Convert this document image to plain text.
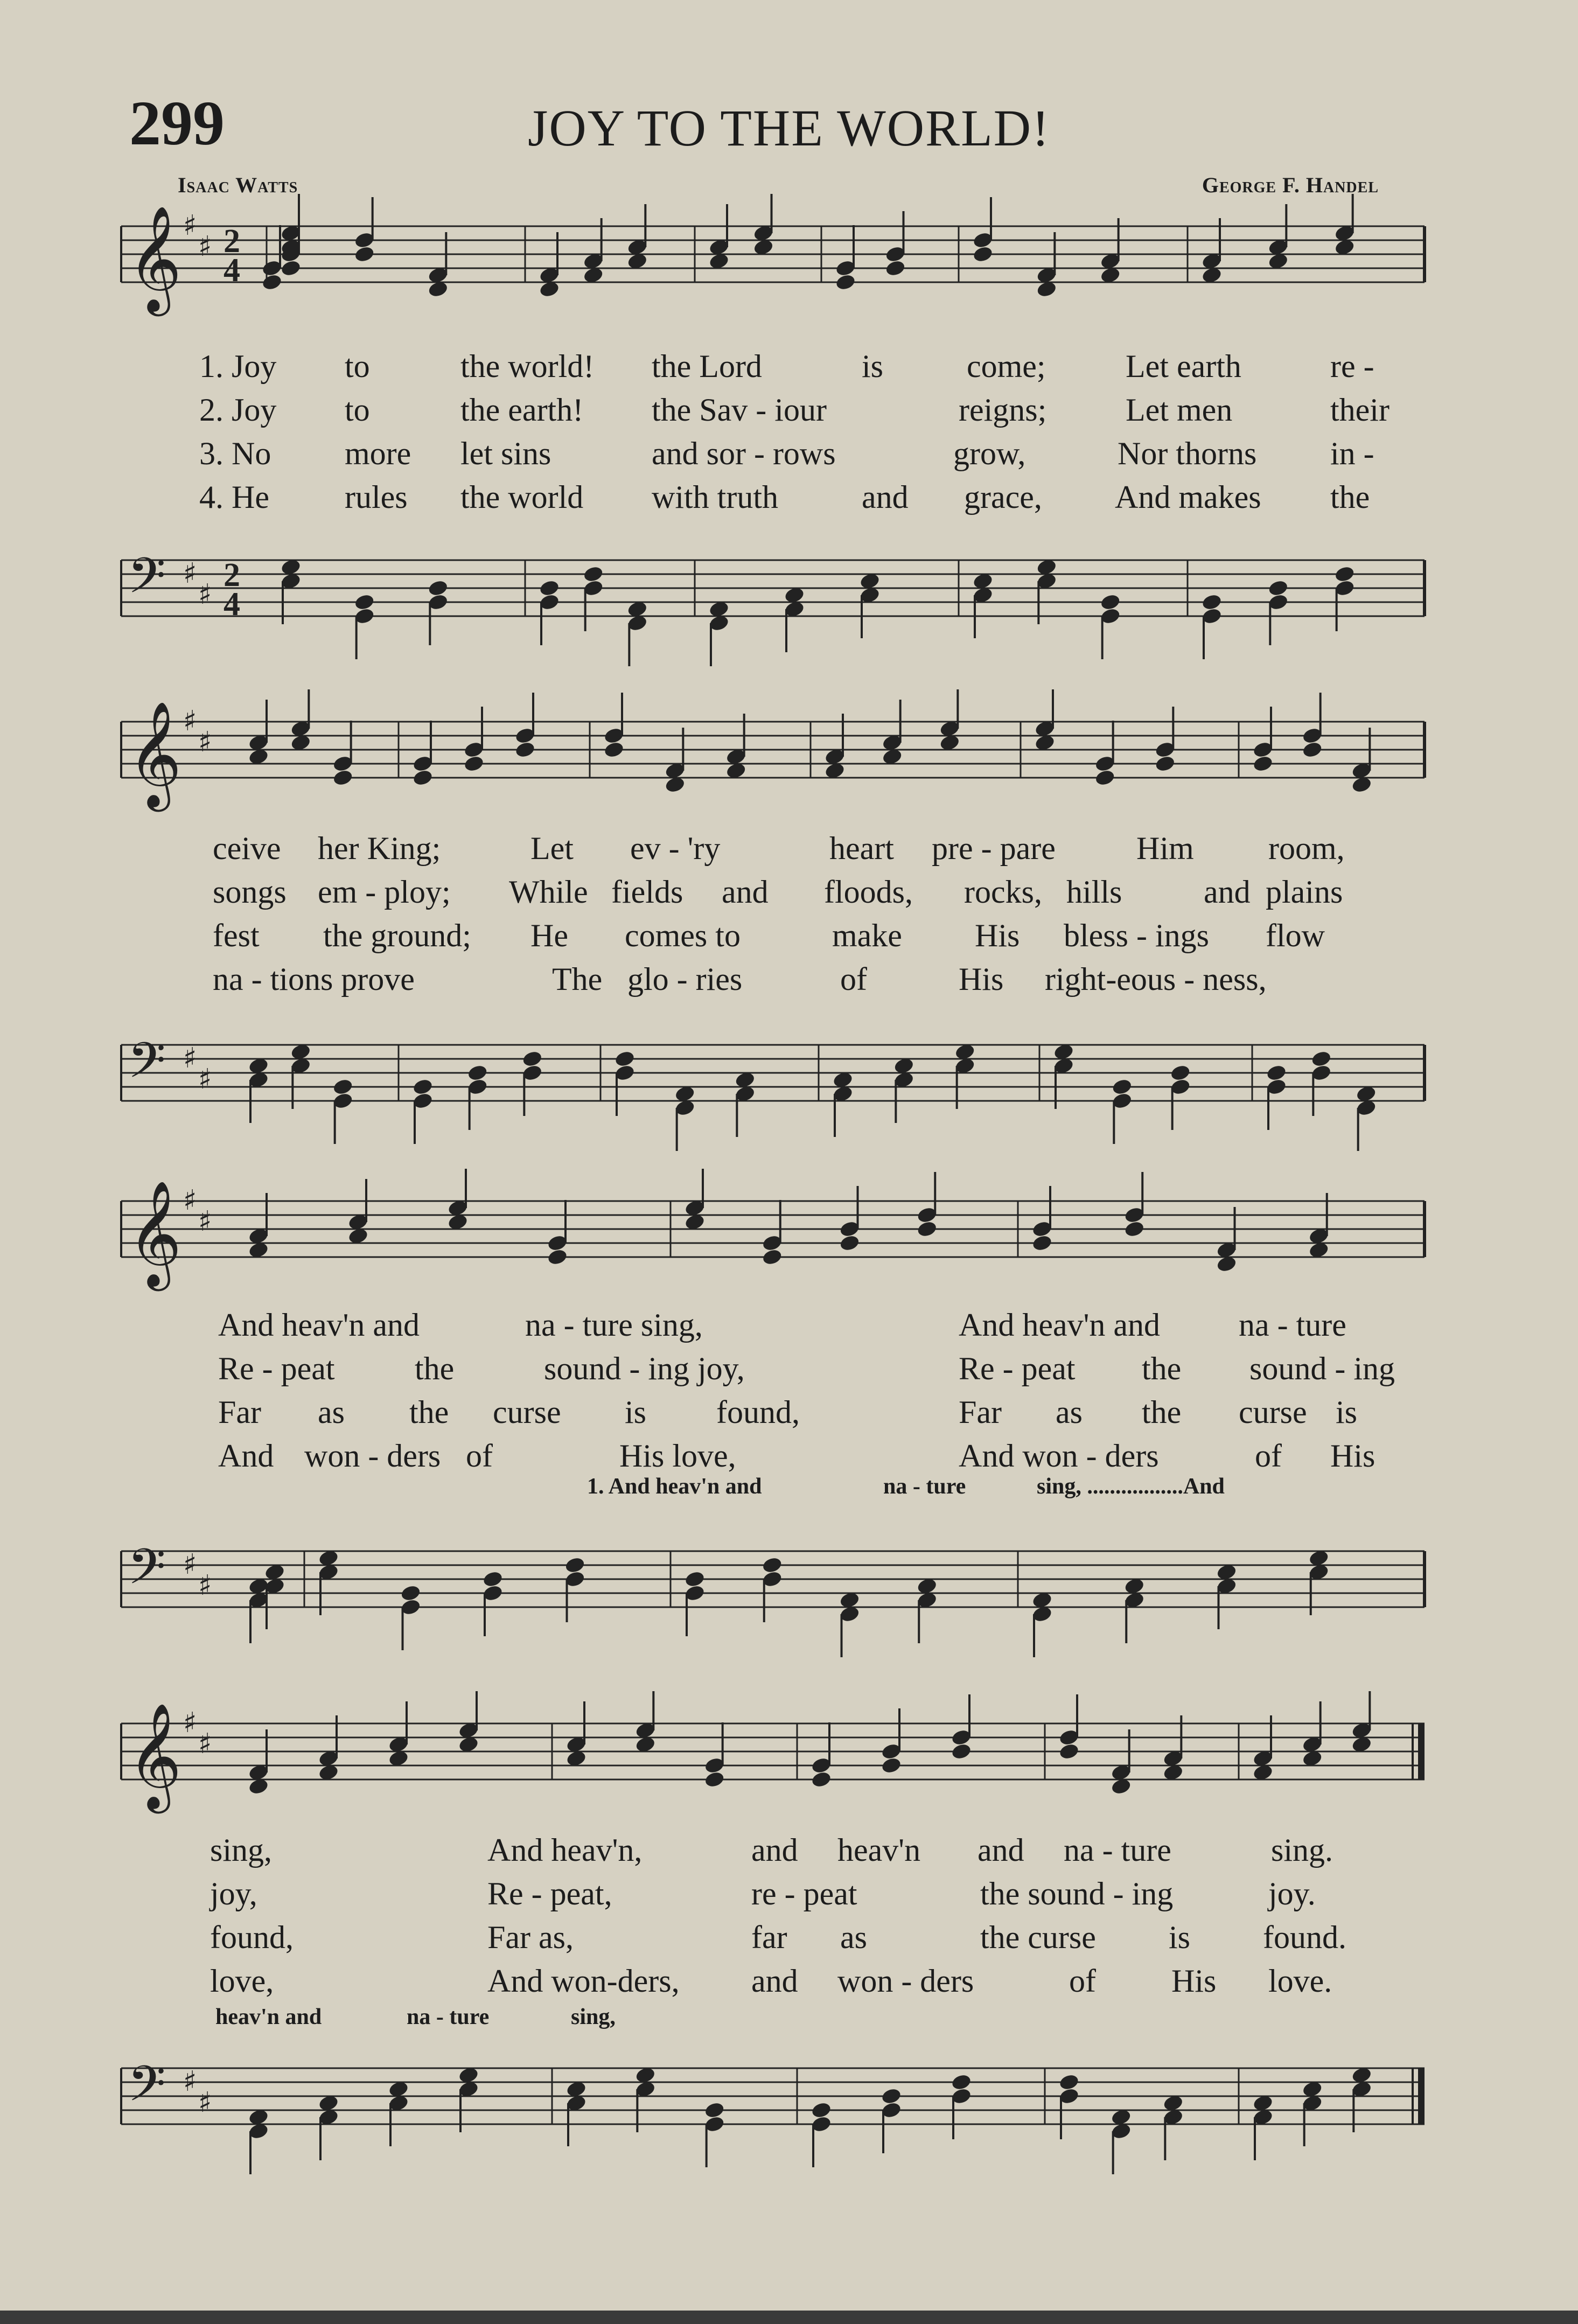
299	JOY TO THE WORLD!
Isaac Watts	George F. Handel
𝄞 ♯
♯ 2
4
𝄢 ♯
♯
2
4
1. Joy to	the world! the Lord	is	come; Let earth	re -
2. Joy to	the earth! the Sav - iour	reigns; Let men	their
3. No more let sins	and sor - rows	grow,	Nor thorns in -
4. He rules the world with truth	and grace, And makes the
𝄞 ♯
♯
𝄢 ♯
♯
ceive her King;	Let ev - 'ry	heart pre - pare	Him room,
songs em - ploy; While fields and floods, rocks, hills	and plains
fest the ground; He comes to	make His bless - ings flow
na - tions prove	The glo - ries	of	His right-eous - ness,
𝄞 ♯
♯
𝄢 ♯
♯
And heav'n and	na - ture sing,	And heav'n and na - ture
Re - peat the	sound - ing joy,	Re - peat the sound - ing
Far as the curse is found,	Far as the curse is
And won - ders of	His love,	And won - ders	of His
1. And heav'n and	na - ture	sing, .................And
𝄞 ♯
♯
𝄢 ♯
♯
sing,	And heav'n,	and heav'n and na - ture	sing.
joy,	Re - peat,	re - peat	the sound - ing	joy.
found,	Far as,	far as	the curse is found.
love,	And won-ders, and won - ders	of His love.
heav'n and	na - ture	sing,
